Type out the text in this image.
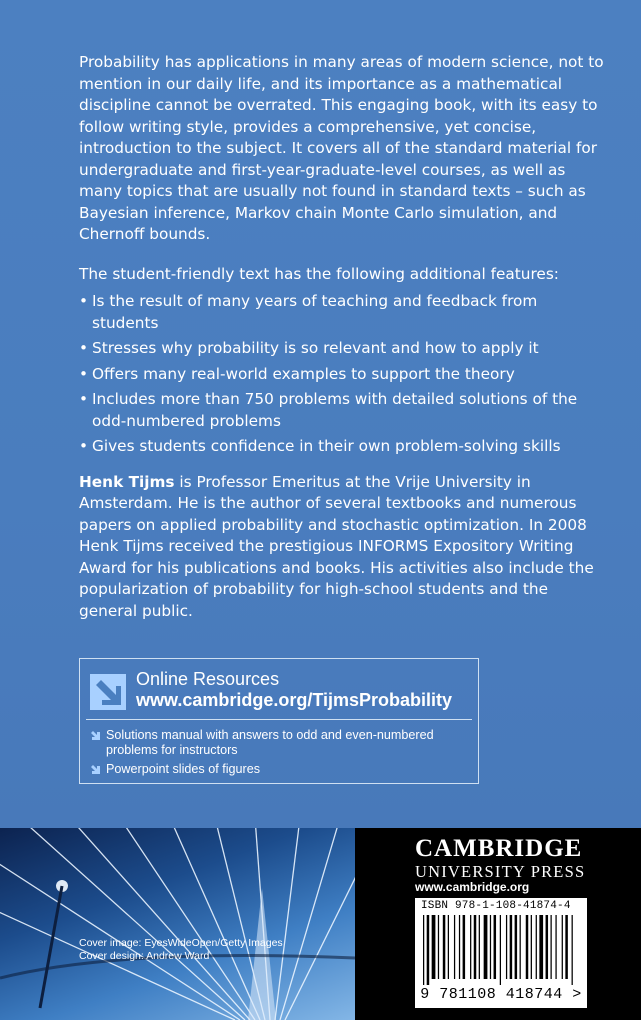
Probability has applications in many areas of modern science, not to mention in our daily life, and its importance as a mathematical discipline cannot be overrated. This engaging book, with its easy to follow writing style, provides a comprehensive, yet concise, introduction to the subject. It covers all of the standard material for undergraduate and first-year-graduate-level courses, as well as many topics that are usually not found in standard texts – such as Bayesian inference, Markov chain Monte Carlo simulation, and Chernoff bounds.

The student-friendly text has the following additional features:

• Is the result of many years of teaching and feedback from students
• Stresses why probability is so relevant and how to apply it
• Offers many real-world examples to support the theory
• Includes more than 750 problems with detailed solutions of the odd-numbered problems
• Gives students confidence in their own problem-solving skills

Henk Tijms is Professor Emeritus at the Vrije University in Amsterdam. He is the author of several textbooks and numerous papers on applied probability and stochastic optimization. In 2008 Henk Tijms received the prestigious INFORMS Expository Writing Award for his publications and books. His activities also include the popularization of probability for high-school students and the general public.

Online Resources
www.cambridge.org/TijmsProbability
Solutions manual with answers to odd and even-numbered problems for instructors
Powerpoint slides of figures
Cover image: EyesWideOpen/Getty Images
Cover design: Andrew Ward
CAMBRIDGE
UNIVERSITY PRESS
www.cambridge.org
ISBN 978-1-108-41874-4
9 781108 418744 >
